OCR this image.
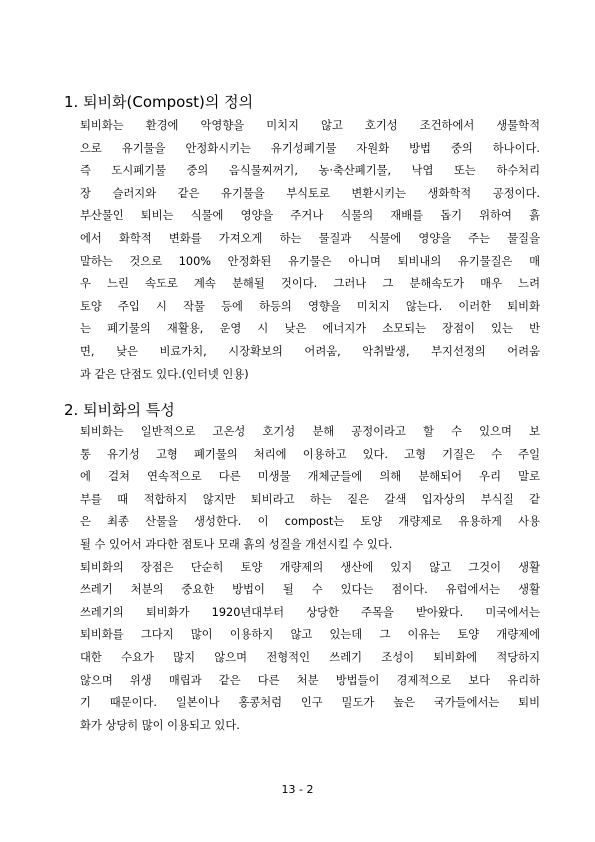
1. 퇴비화(Compost)의 정의
퇴비화는 환경에 악영향을 미치지 않고 호기성 조건하에서 생물학적
으로 유기물을 안정화시키는 유기성폐기물 자원화 방법 중의 하나이다.
즉 도시폐기물 중의 음식물찌꺼기, 농·축산폐기물, 낙엽 또는 하수처리
장 슬러지와 같은 유기물을 부식토로 변환시키는 생화학적 공정이다.
부산물인 퇴비는 식물에 영양을 주거나 식물의 재배를 돕기 위하여 흙
에서 화학적 변화를 가져오게 하는 물질과 식물에 영양을 주는 물질을
말하는 것으로 100% 안정화된 유기물은 아니며 퇴비내의 유기물질은 매
우 느린 속도로 계속 분해될 것이다. 그러나 그 분해속도가 매우 느려
토양 주입 시 작물 등에 하등의 영향을 미치지 않는다. 이러한 퇴비화
는 폐기물의 재활용, 운영 시 낮은 에너지가 소모되는 장점이 있는 반
면, 낮은 비료가치, 시장확보의 어려움, 악취발생, 부지선정의 어려움
과 같은 단점도 있다.(인터넷 인용)
2. 퇴비화의 특성
퇴비화는 일반적으로 고온성 호기성 분해 공정이라고 할 수 있으며 보
통 유기성 고형 폐기물의 처리에 이용하고 있다. 고형 기질은 수 주일
에 걸쳐 연속적으로 다른 미생물 개체군들에 의해 분해되어 우리 말로
부를 때 적합하지 않지만 퇴비라고 하는 짙은 갈색 입자상의 부식질 같
은 최종 산물을 생성한다. 이 compost는 토양 개량제로 유용하게 사용
될 수 있어서 과다한 점토나 모래 흙의 성질을 개선시킬 수 있다.
퇴비화의 장점은 단순히 토양 개량제의 생산에 있지 않고 그것이 생활
쓰레기 처분의 중요한 방법이 될 수 있다는 점이다. 유럽에서는 생활
쓰레기의 퇴비화가 1920년대부터 상당한 주목을 받아왔다. 미국에서는
퇴비화를 그다지 많이 이용하지 않고 있는데 그 이유는 토양 개량제에
대한 수요가 많지 않으며 전형적인 쓰레기 조성이 퇴비화에 적당하지
않으며 위생 매립과 같은 다른 처분 방법들이 경제적으로 보다 유리하
기 때문이다. 일본이나 홍콩처럼 인구 밀도가 높은 국가들에서는 퇴비
화가 상당히 많이 이용되고 있다.
13 - 2
